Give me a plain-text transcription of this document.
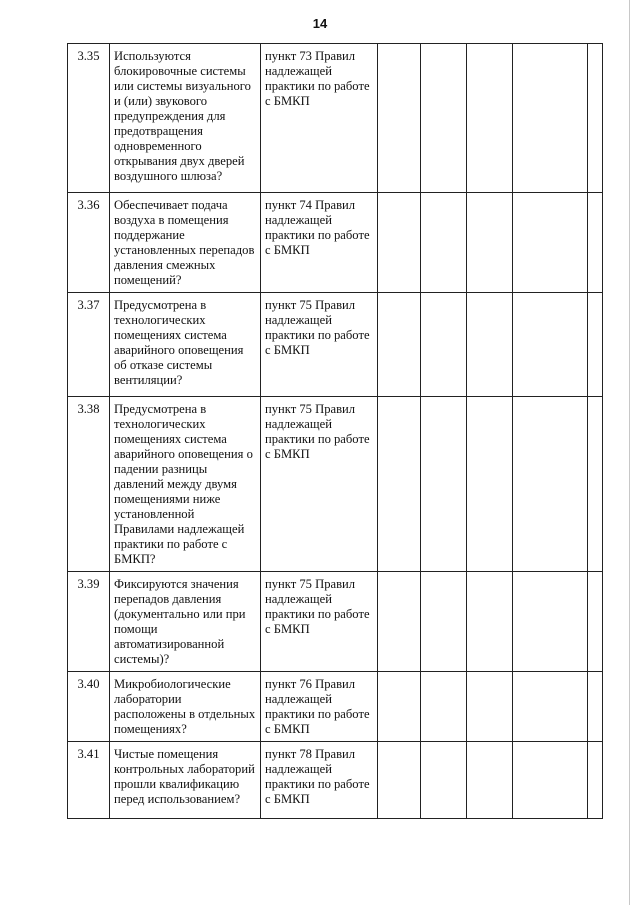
14
3.35	Используются блокировочные системы или системы визуального и (или) звукового предупреждения для предотвращения одновременного открывания двух дверей воздушного шлюза?	пункт 73 Правил надлежащей практики по работе с БМКП					
3.36	Обеспечивает подача воздуха в помещения поддержание установленных перепадов давления смежных помещений?	пункт 74 Правил надлежащей практики по работе с БМКП					
3.37	Предусмотрена в технологических помещениях система аварийного оповещения об отказе системы вентиляции?	пункт 75 Правил надлежащей практики по работе с БМКП					
3.38	Предусмотрена в технологических помещениях система аварийного оповещения о падении разницы давлений между двумя помещениями ниже установленной Правилами надлежащей практики по работе с БМКП?	пункт 75 Правил надлежащей практики по работе с БМКП					
3.39	Фиксируются значения перепадов давления (документально или при помощи автоматизированной системы)?	пункт 75 Правил надлежащей практики по работе с БМКП					
3.40	Микробиологические лаборатории расположены в отдельных помещениях?	пункт 76 Правил надлежащей практики по работе с БМКП					
3.41	Чистые помещения контрольных лабораторий прошли квалификацию перед использованием?	пункт 78 Правил надлежащей практики по работе с БМКП					
